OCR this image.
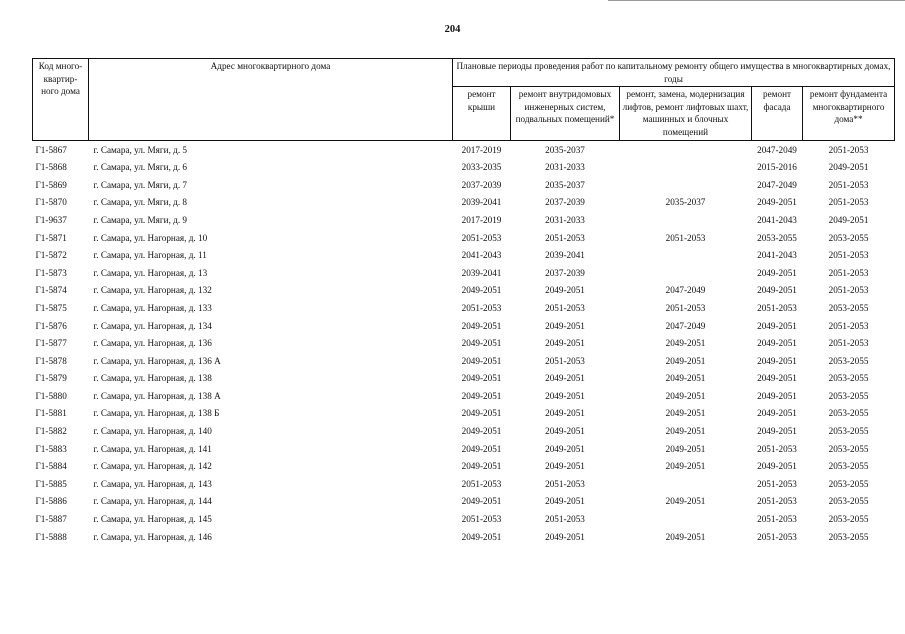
204
Код много-квартир-ного дома	Адрес многоквартирного дома	Плановые периоды проведения работ по капитальному ремонту общего имущества в многоквартирных домах, годы				
		ремонт крыши	ремонт внутридомовых инженерных систем, подвальных помещений*	ремонт, замена, модернизация лифтов, ремонт лифтовых шахт, машинных и блочных помещений	ремонт фасада	ремонт фундамента многоквартирного дома**
Г1-5867	г. Самара, ул. Мяги, д. 5	2017-2019	2035-2037		2047-2049	2051-2053
Г1-5868	г. Самара, ул. Мяги, д. 6	2033-2035	2031-2033		2015-2016	2049-2051
Г1-5869	г. Самара, ул. Мяги, д. 7	2037-2039	2035-2037		2047-2049	2051-2053
Г1-5870	г. Самара, ул. Мяги, д. 8	2039-2041	2037-2039	2035-2037	2049-2051	2051-2053
Г1-9637	г. Самара, ул. Мяги, д. 9	2017-2019	2031-2033		2041-2043	2049-2051
Г1-5871	г. Самара, ул. Нагорная, д. 10	2051-2053	2051-2053	2051-2053	2053-2055	2053-2055
Г1-5872	г. Самара, ул. Нагорная, д. 11	2041-2043	2039-2041		2041-2043	2051-2053
Г1-5873	г. Самара, ул. Нагорная, д. 13	2039-2041	2037-2039		2049-2051	2051-2053
Г1-5874	г. Самара, ул. Нагорная, д. 132	2049-2051	2049-2051	2047-2049	2049-2051	2051-2053
Г1-5875	г. Самара, ул. Нагорная, д. 133	2051-2053	2051-2053	2051-2053	2051-2053	2053-2055
Г1-5876	г. Самара, ул. Нагорная, д. 134	2049-2051	2049-2051	2047-2049	2049-2051	2051-2053
Г1-5877	г. Самара, ул. Нагорная, д. 136	2049-2051	2049-2051	2049-2051	2049-2051	2051-2053
Г1-5878	г. Самара, ул. Нагорная, д. 136 А	2049-2051	2051-2053	2049-2051	2049-2051	2053-2055
Г1-5879	г. Самара, ул. Нагорная, д. 138	2049-2051	2049-2051	2049-2051	2049-2051	2053-2055
Г1-5880	г. Самара, ул. Нагорная, д. 138 А	2049-2051	2049-2051	2049-2051	2049-2051	2053-2055
Г1-5881	г. Самара, ул. Нагорная, д. 138 Б	2049-2051	2049-2051	2049-2051	2049-2051	2053-2055
Г1-5882	г. Самара, ул. Нагорная, д. 140	2049-2051	2049-2051	2049-2051	2049-2051	2053-2055
Г1-5883	г. Самара, ул. Нагорная, д. 141	2049-2051	2049-2051	2049-2051	2051-2053	2053-2055
Г1-5884	г. Самара, ул. Нагорная, д. 142	2049-2051	2049-2051	2049-2051	2049-2051	2053-2055
Г1-5885	г. Самара, ул. Нагорная, д. 143	2051-2053	2051-2053		2051-2053	2053-2055
Г1-5886	г. Самара, ул. Нагорная, д. 144	2049-2051	2049-2051	2049-2051	2051-2053	2053-2055
Г1-5887	г. Самара, ул. Нагорная, д. 145	2051-2053	2051-2053		2051-2053	2053-2055
Г1-5888	г. Самара, ул. Нагорная, д. 146	2049-2051	2049-2051	2049-2051	2051-2053	2053-2055
